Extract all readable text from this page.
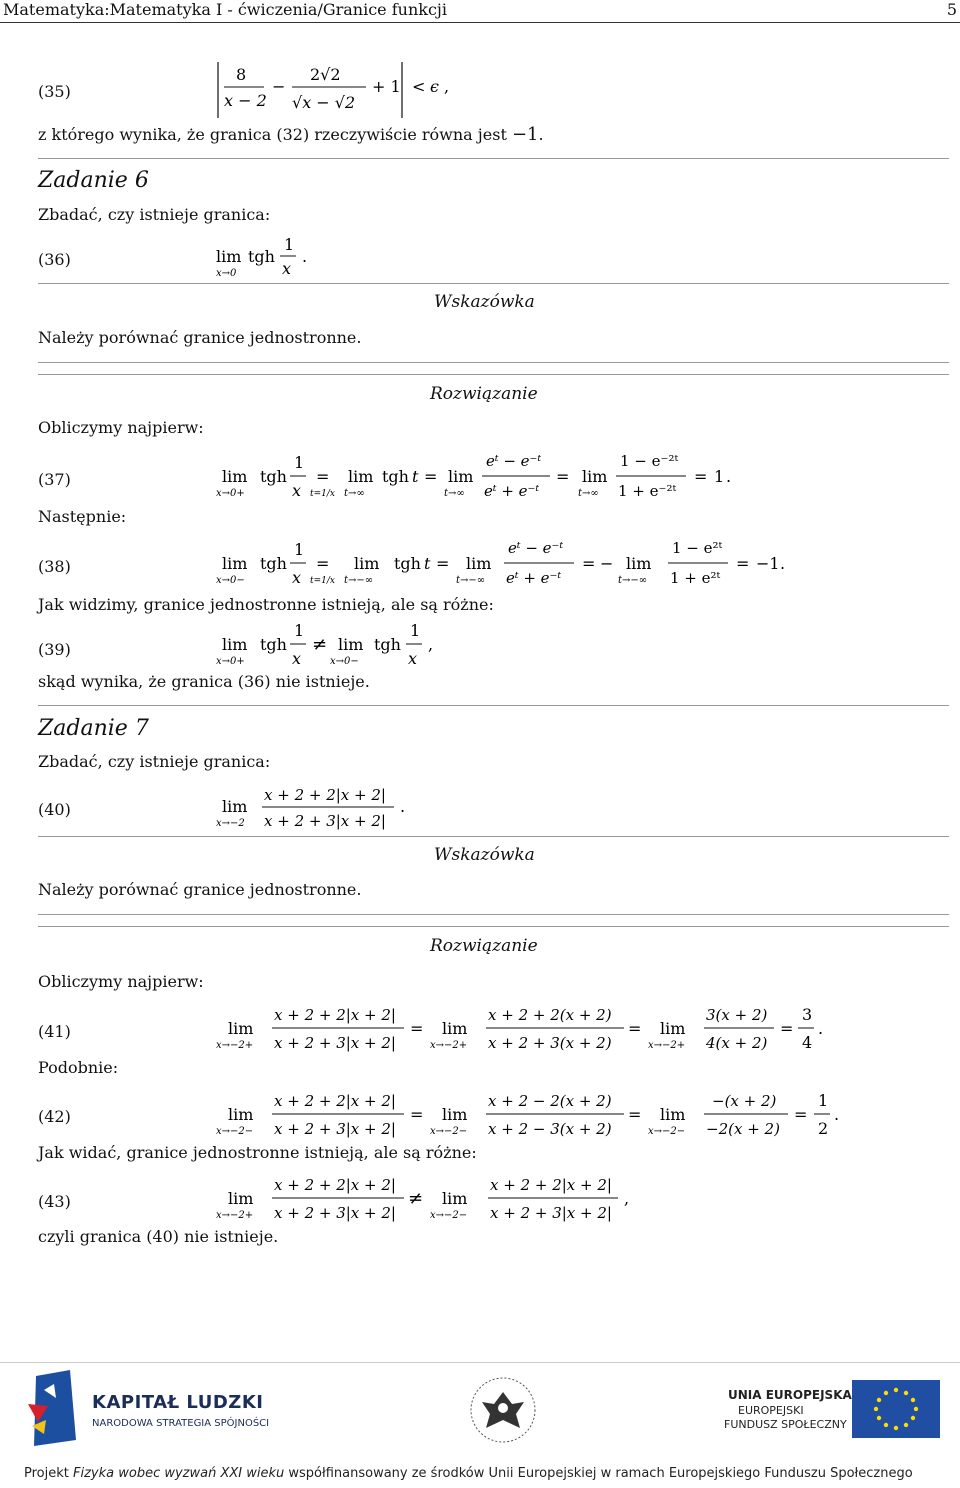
Matematyka:Matematyka I - ćwiczenia/Granice funkcji	5
(35)
8
x − 2
−
2√2
√x − √2
+ 1 < ϵ ,
z którego wynika, że granica (32) rzeczywiście równa jest −1.
Zadanie 6
Zbadać, czy istnieje granica:
(36)	lim
x→0
tgh
1
x
.
Wskazówka
Należy porównać granice jednostronne.
Rozwiązanie
Obliczymy najpierw:
(37)	lim
x→0+
tgh
1
x
=
t=1/x
lim
t→∞
tgh t = lim
t→∞
eᵗ − e⁻ᵗ
eᵗ + e⁻ᵗ
= lim
t→∞
1 − e⁻²ᵗ
1 + e⁻²ᵗ
= 1 .
Następnie:
(38)	lim
x→0−
tgh
1
x
=
t=1/x
lim
t→−∞
tgh t = lim
t→−∞
eᵗ − e⁻ᵗ
eᵗ + e⁻ᵗ
= − lim
t→−∞
1 − e²ᵗ
1 + e²ᵗ
= −1 .
Jak widzimy, granice jednostronne istnieją, ale są różne:
(39)	lim
x→0+
tgh
1
x
≠ lim
x→0−
tgh
1
x
,
skąd wynika, że granica (36) nie istnieje.
Zadanie 7
Zbadać, czy istnieje granica:
(40)	lim
x→−2
x + 2 + 2|x + 2|
x + 2 + 3|x + 2|
.
Wskazówka
Należy porównać granice jednostronne.
Rozwiązanie
Obliczymy najpierw:
(41)	lim
x→−2+
x + 2 + 2|x + 2|
x + 2 + 3|x + 2|
= lim
x→−2+
x + 2 + 2(x + 2)
x + 2 + 3(x + 2)
= lim
x→−2+
3(x + 2)
4(x + 2)
=
3
4
.
Podobnie:
(42)	lim
x→−2−
x + 2 + 2|x + 2|
x + 2 + 3|x + 2|
= lim
x→−2−
x + 2 − 2(x + 2)
x + 2 − 3(x + 2)
= lim
x→−2−
−(x + 2)
−2(x + 2)
=
1
2
.
Jak widać, granice jednostronne istnieją, ale są różne:
(43)	lim
x→−2+
x + 2 + 2|x + 2|
x + 2 + 3|x + 2|
≠ lim
x→−2−
x + 2 + 2|x + 2|
x + 2 + 3|x + 2|
,
czyli granica (40) nie istnieje.
KAPITAŁ LUDZKI
NARODOWA STRATEGIA SPÓJNOŚCI
UNIA EUROPEJSKA
EUROPEJSKI
FUNDUSZ SPOŁECZNY
Projekt Fizyka wobec wyzwań XXI wieku współfinansowany ze środków Unii Europejskiej w ramach Europejskiego Funduszu Społecznego
